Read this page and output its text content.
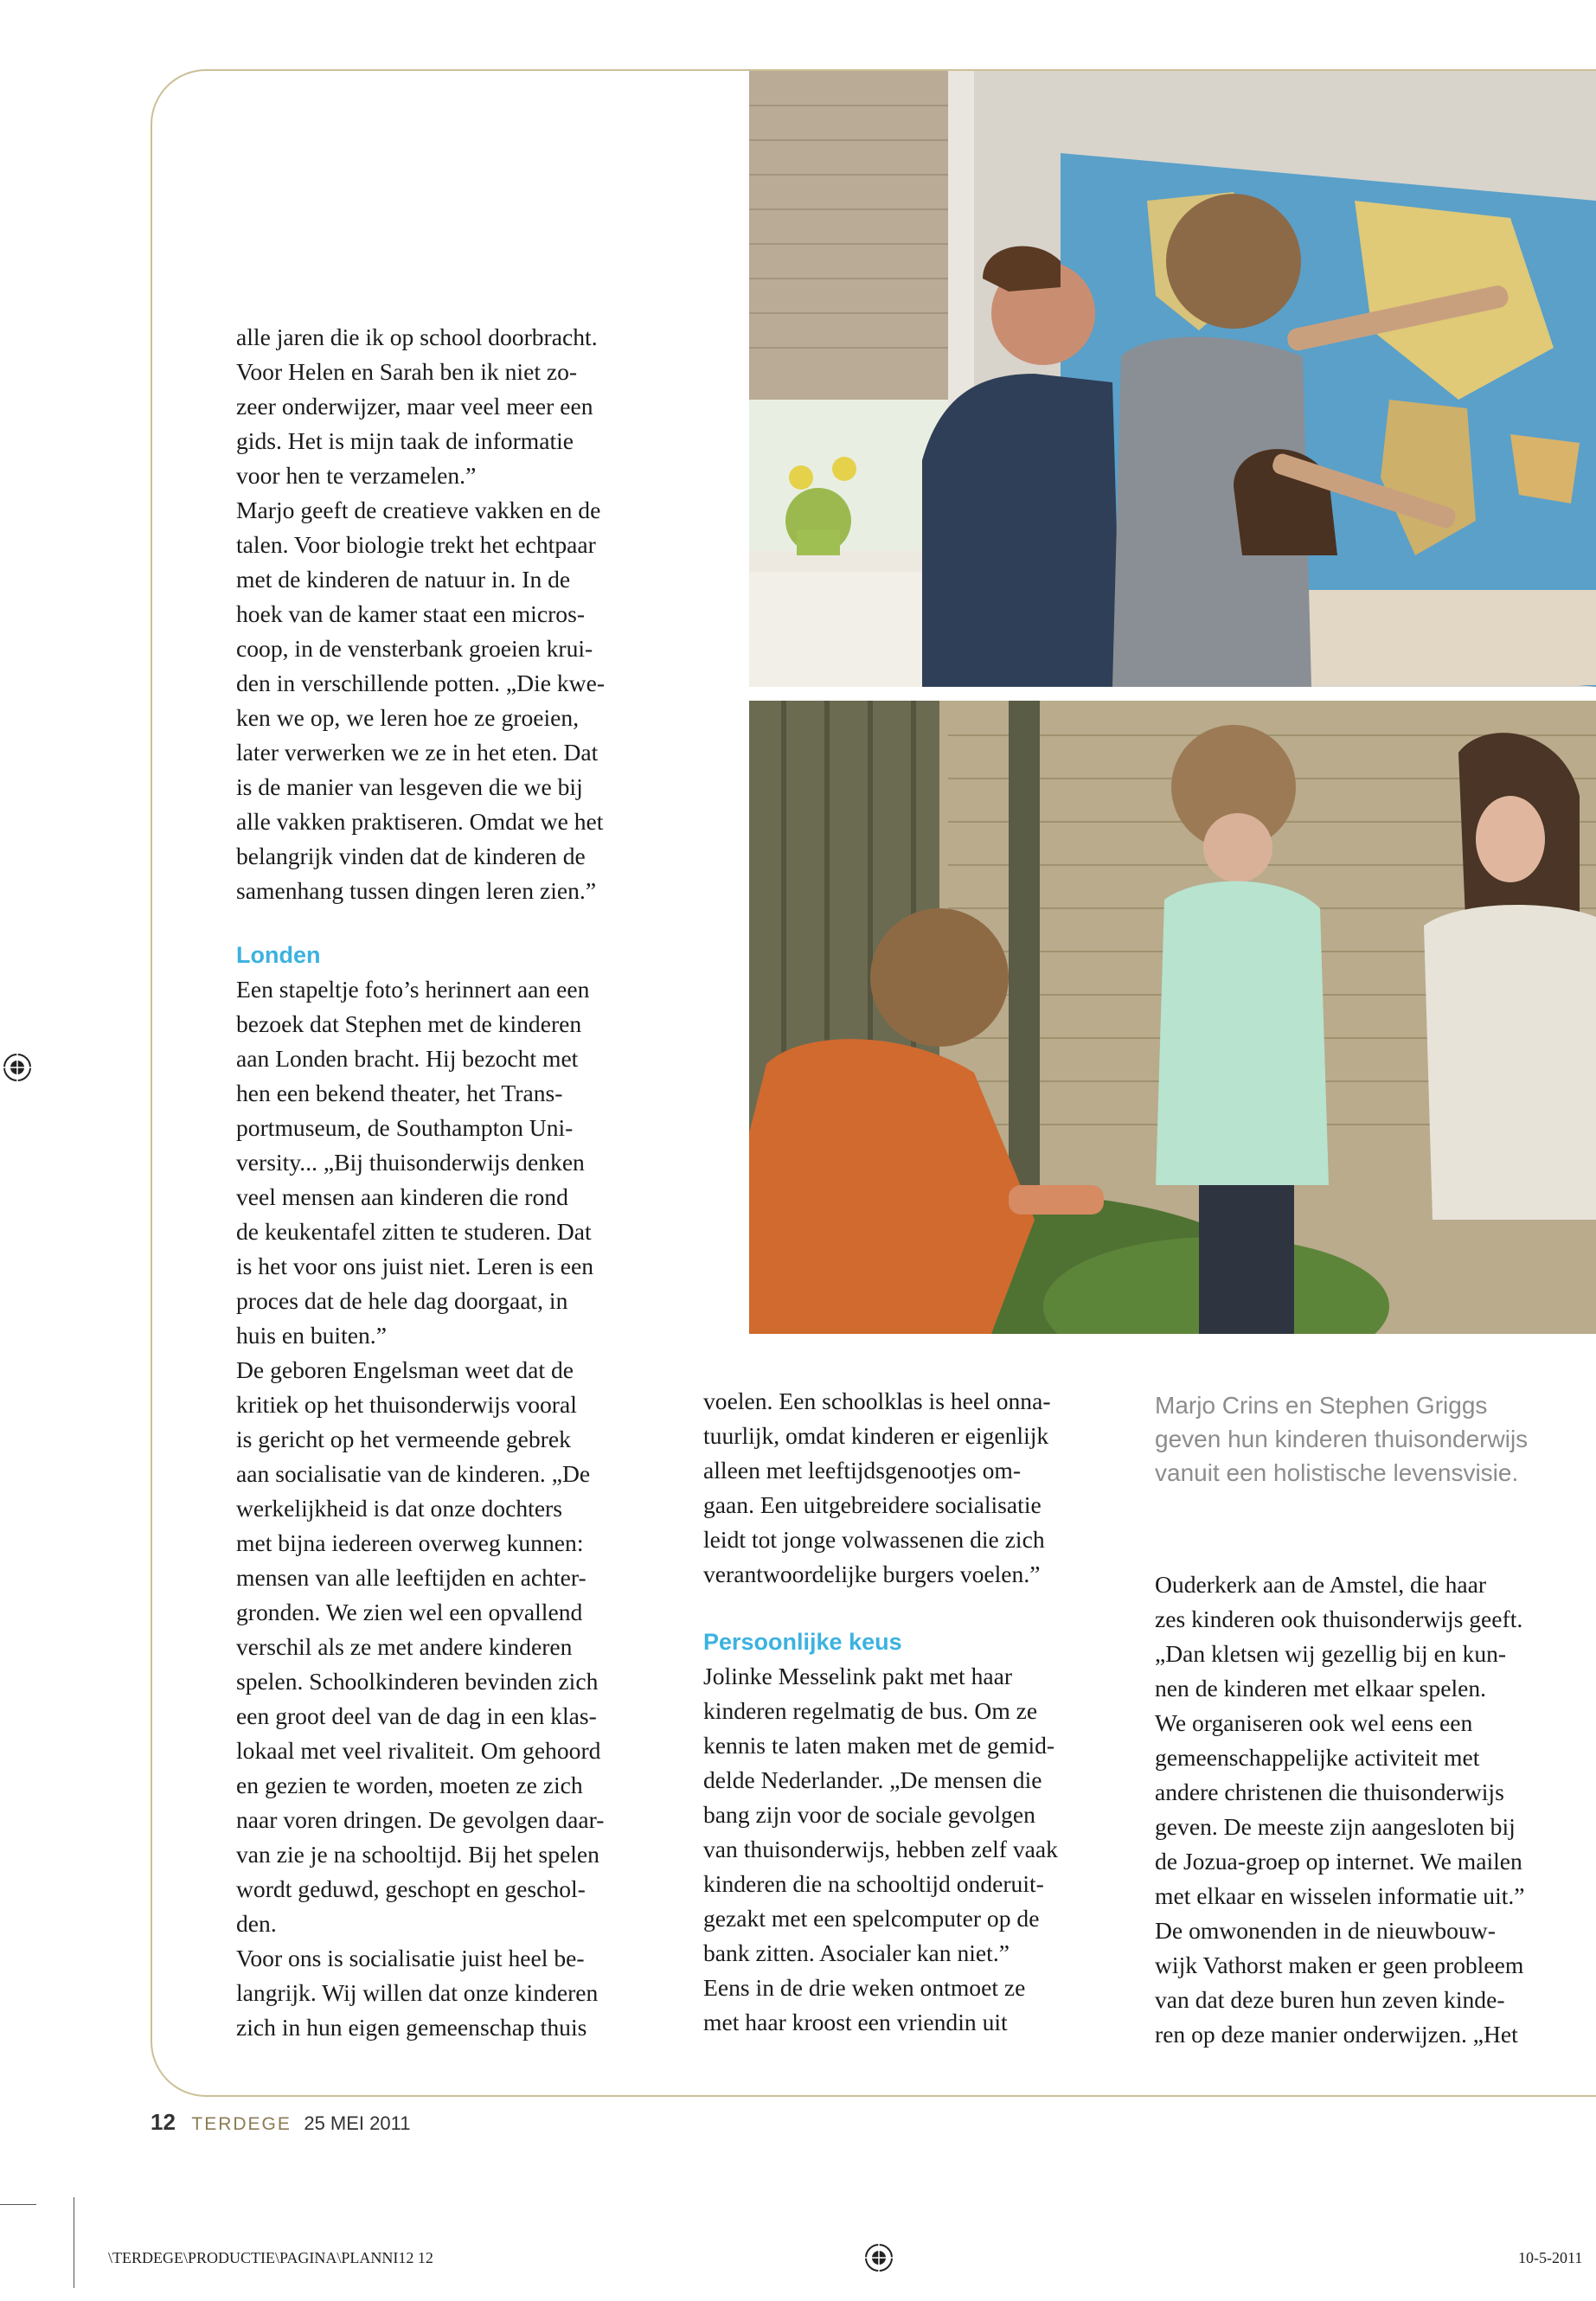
alle jaren die ik op school doorbracht.
Voor Helen en Sarah ben ik niet zo-
zeer onderwijzer, maar veel meer een
gids. Het is mijn taak de informatie
voor hen te verzamelen.”
Marjo geeft de creatieve vakken en de
talen. Voor biologie trekt het echtpaar
met de kinderen de natuur in. In de
hoek van de kamer staat een micros-
coop, in de vensterbank groeien krui-
den in verschillende potten. „Die kwe-
ken we op, we leren hoe ze groeien,
later verwerken we ze in het eten. Dat
is de manier van lesgeven die we bij
alle vakken praktiseren. Omdat we het
belangrijk vinden dat de kinderen de
samenhang tussen dingen leren zien.”

Londen

Een stapeltje foto’s herinnert aan een
bezoek dat Stephen met de kinderen
aan Londen bracht. Hij bezocht met
hen een bekend theater, het Trans-
portmuseum, de Southampton Uni-
versity... „Bij thuisonderwijs denken
veel mensen aan kinderen die rond
de keukentafel zitten te studeren. Dat
is het voor ons juist niet. Leren is een
proces dat de hele dag doorgaat, in
huis en buiten.”
De geboren Engelsman weet dat de
kritiek op het thuisonderwijs vooral
is gericht op het vermeende gebrek
aan socialisatie van de kinderen. „De
werkelijkheid is dat onze dochters
met bijna iedereen overweg kunnen:
mensen van alle leeftijden en achter-
gronden. We zien wel een opvallend
verschil als ze met andere kinderen
spelen. Schoolkinderen bevinden zich
een groot deel van de dag in een klas-
lokaal met veel rivaliteit. Om gehoord
en gezien te worden, moeten ze zich
naar voren dringen. De gevolgen daar-
van zie je na schooltijd. Bij het spelen
wordt geduwd, geschopt en geschol-
den.
Voor ons is socialisatie juist heel be-
langrijk. Wij willen dat onze kinderen
zich in hun eigen gemeenschap thuis

voelen. Een schoolklas is heel onna-
tuurlijk, omdat kinderen er eigenlijk
alleen met leeftijdsgenootjes om-
gaan. Een uitgebreidere socialisatie
leidt tot jonge volwassenen die zich
verantwoordelijke burgers voelen.”

Persoonlijke keus

Jolinke Messelink pakt met haar
kinderen regelmatig de bus. Om ze
kennis te laten maken met de gemid-
delde Nederlander. „De mensen die
bang zijn voor de sociale gevolgen
van thuisonderwijs, hebben zelf vaak
kinderen die na schooltijd onderuit-
gezakt met een spelcomputer op de
bank zitten. Asocialer kan niet.”
Eens in de drie weken ontmoet ze
met haar kroost een vriendin uit

Marjo Crins en Stephen Griggs
geven hun kinderen thuisonderwijs
vanuit een holistische levensvisie.

Ouderkerk aan de Amstel, die haar
zes kinderen ook thuisonderwijs geeft.
„Dan kletsen wij gezellig bij en kun-
nen de kinderen met elkaar spelen.
We organiseren ook wel eens een
gemeenschappelijke activiteit met
andere christenen die thuisonderwijs
geven. De meeste zijn aangesloten bij
de Jozua-groep op internet. We mailen
met elkaar en wisselen informatie uit.”
De omwonenden in de nieuwbouw-
wijk Vathorst maken er geen probleem
van dat deze buren hun zeven kinde-
ren op deze manier onderwijzen. „Het

12 TERDEGE 25 MEI 2011
\TERDEGE\PRODUCTIE\PAGINA\PLANNI12 12	10-5-2011
